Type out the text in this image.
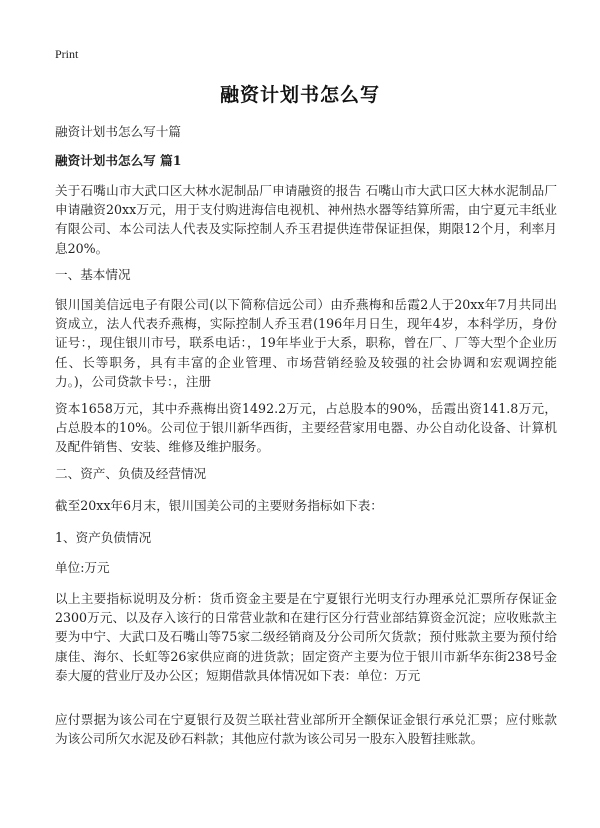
Print
融资计划书怎么写
融资计划书怎么写十篇
融资计划书怎么写 篇1
关于石嘴山市大武口区大林水泥制品厂申请融资的报告 石嘴山市大武口区大林水泥制品厂申请融资20xx万元，用于支付购进海信电视机、神州热水器等结算所需，由宁夏元丰纸业有限公司、本公司法人代表及实际控制人乔玉君提供连带保证担保，期限12个月，利率月息20%。
一、基本情况
银川国美信远电子有限公司(以下简称信远公司）由乔燕梅和岳霞2人于20xx年7月共同出资成立，法人代表乔燕梅，实际控制人乔玉君(196年月日生，现年4岁，本科学历，身份证号：，现住银川市号，联系电话：，19年毕业于大系，职称，曾在厂、厂等大型个企业历任、长等职务，具有丰富的企业管理、市场营销经验及较强的社会协调和宏观调控能力。)，公司贷款卡号：，注册
资本1658万元，其中乔燕梅出资1492.2万元，占总股本的90%，岳霞出资141.8万元，占总股本的10%。公司位于银川新华西街，主要经营家用电器、办公自动化设备、计算机及配件销售、安装、维修及维护服务。
二、资产、负债及经营情况
截至20xx年6月末，银川国美公司的主要财务指标如下表：
1、资产负债情况
单位:万元
以上主要指标说明及分析：货币资金主要是在宁夏银行光明支行办理承兑汇票所存保证金2300万元、以及存入该行的日常营业款和在建行区分行营业部结算资金沉淀；应收账款主要为中宁、大武口及石嘴山等75家二级经销商及分公司所欠货款；预付账款主要为预付给康佳、海尔、长虹等26家供应商的进货款；固定资产主要为位于银川市新华东街238号金泰大厦的营业厅及办公区；短期借款具体情况如下表：单位：万元
应付票据为该公司在宁夏银行及贺兰联社营业部所开全额保证金银行承兑汇票；应付账款为该公司所欠水泥及砂石料款；其他应付款为该公司另一股东入股暂挂账款。
